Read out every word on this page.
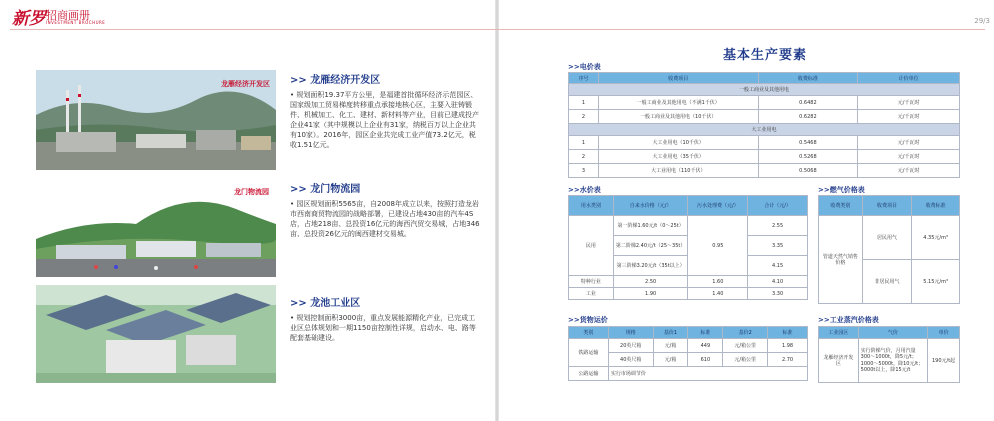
新罗 招商画册
INVESTMENT BROCHURE	29/3
龙雁经济开发区 >> 龙雁经济开发区
• 规划面积19.37平方公里，是福建首批循环经济示范园区、国家级加工贸易梯度转移重点承接地核心区，主要入驻铸锻件、机械加工、化工、建材、新材料等产业，目前已建成投产企业41家（其中规模以上企业有31家，纳税百万以上企业共有10家）。2016年，园区企业共完成工业产值73.2亿元，税收1.51亿元。
龙门物流园 >> 龙门物流园
• 园区规划面积5565亩，自2008年成立以来，按照打造龙岩市西南商贸物流园的战略部署，已建设占地430亩的汽车4S店，占地218亩、总投资16亿元的海西汽贸交易城，占地346亩、总投资26亿元的闽西建材交易城。
>> 龙池工业区
• 规划控制面积3000亩，重点发展能源精化产业，已完成工业区总体规划和一期1150亩控制性详规，启动水、电、路等配套基础建设。
基本生产要素
>>电价表
序号	收费项目	收费标准	计价单位
一般工商业及其他用电			
1	一般工商业及其他用电（不满1千伏）	0.6482	元/千瓦时
2	一般工商业及其他用电（10千伏）	0.6282	元/千瓦时
大工业用电			
1	大工业用电（10千伏）	0.5468	元/千瓦时
2	大工业用电（35千伏）	0.5268	元/千瓦时
3	大工业用电（110千伏）	0.5068	元/千瓦时
>>水价表
用水类别	自来水价格（元/）	污水处理费（元/）	合计（元/）
民用	第一阶梯1.60元/t（0～25t）	0.95	2.55
	第二阶梯2.40元/t（25～35t）		3.35
	第三阶梯3.20元/t（35t以上）		4.15
特种行业	2.50	1.60	4.10
工业	1.90	1.40	3.30
>>燃气价格表
收费类别	收费项目	收费标准
管道天然气销售价格	居民用气	4.35元/m³
	非居民用气	5.15元/m³
>>货物运价
类别	规格	基价1	标准	基价2	标准
铁路运输	20英尺箱	元/箱	449	元/箱公里	1.98
	40英尺箱	元/箱	610	元/箱公里	2.70
公路运输	实行市场调节价				
>>工业蒸汽价格表
工业园区	气价	单价
龙雁经济开发区	实行阶梯气价，月用汽量300～1000t，降5元/t；1000～5000t，降10元/t；5000t以上，降15元/t	190元/t起
